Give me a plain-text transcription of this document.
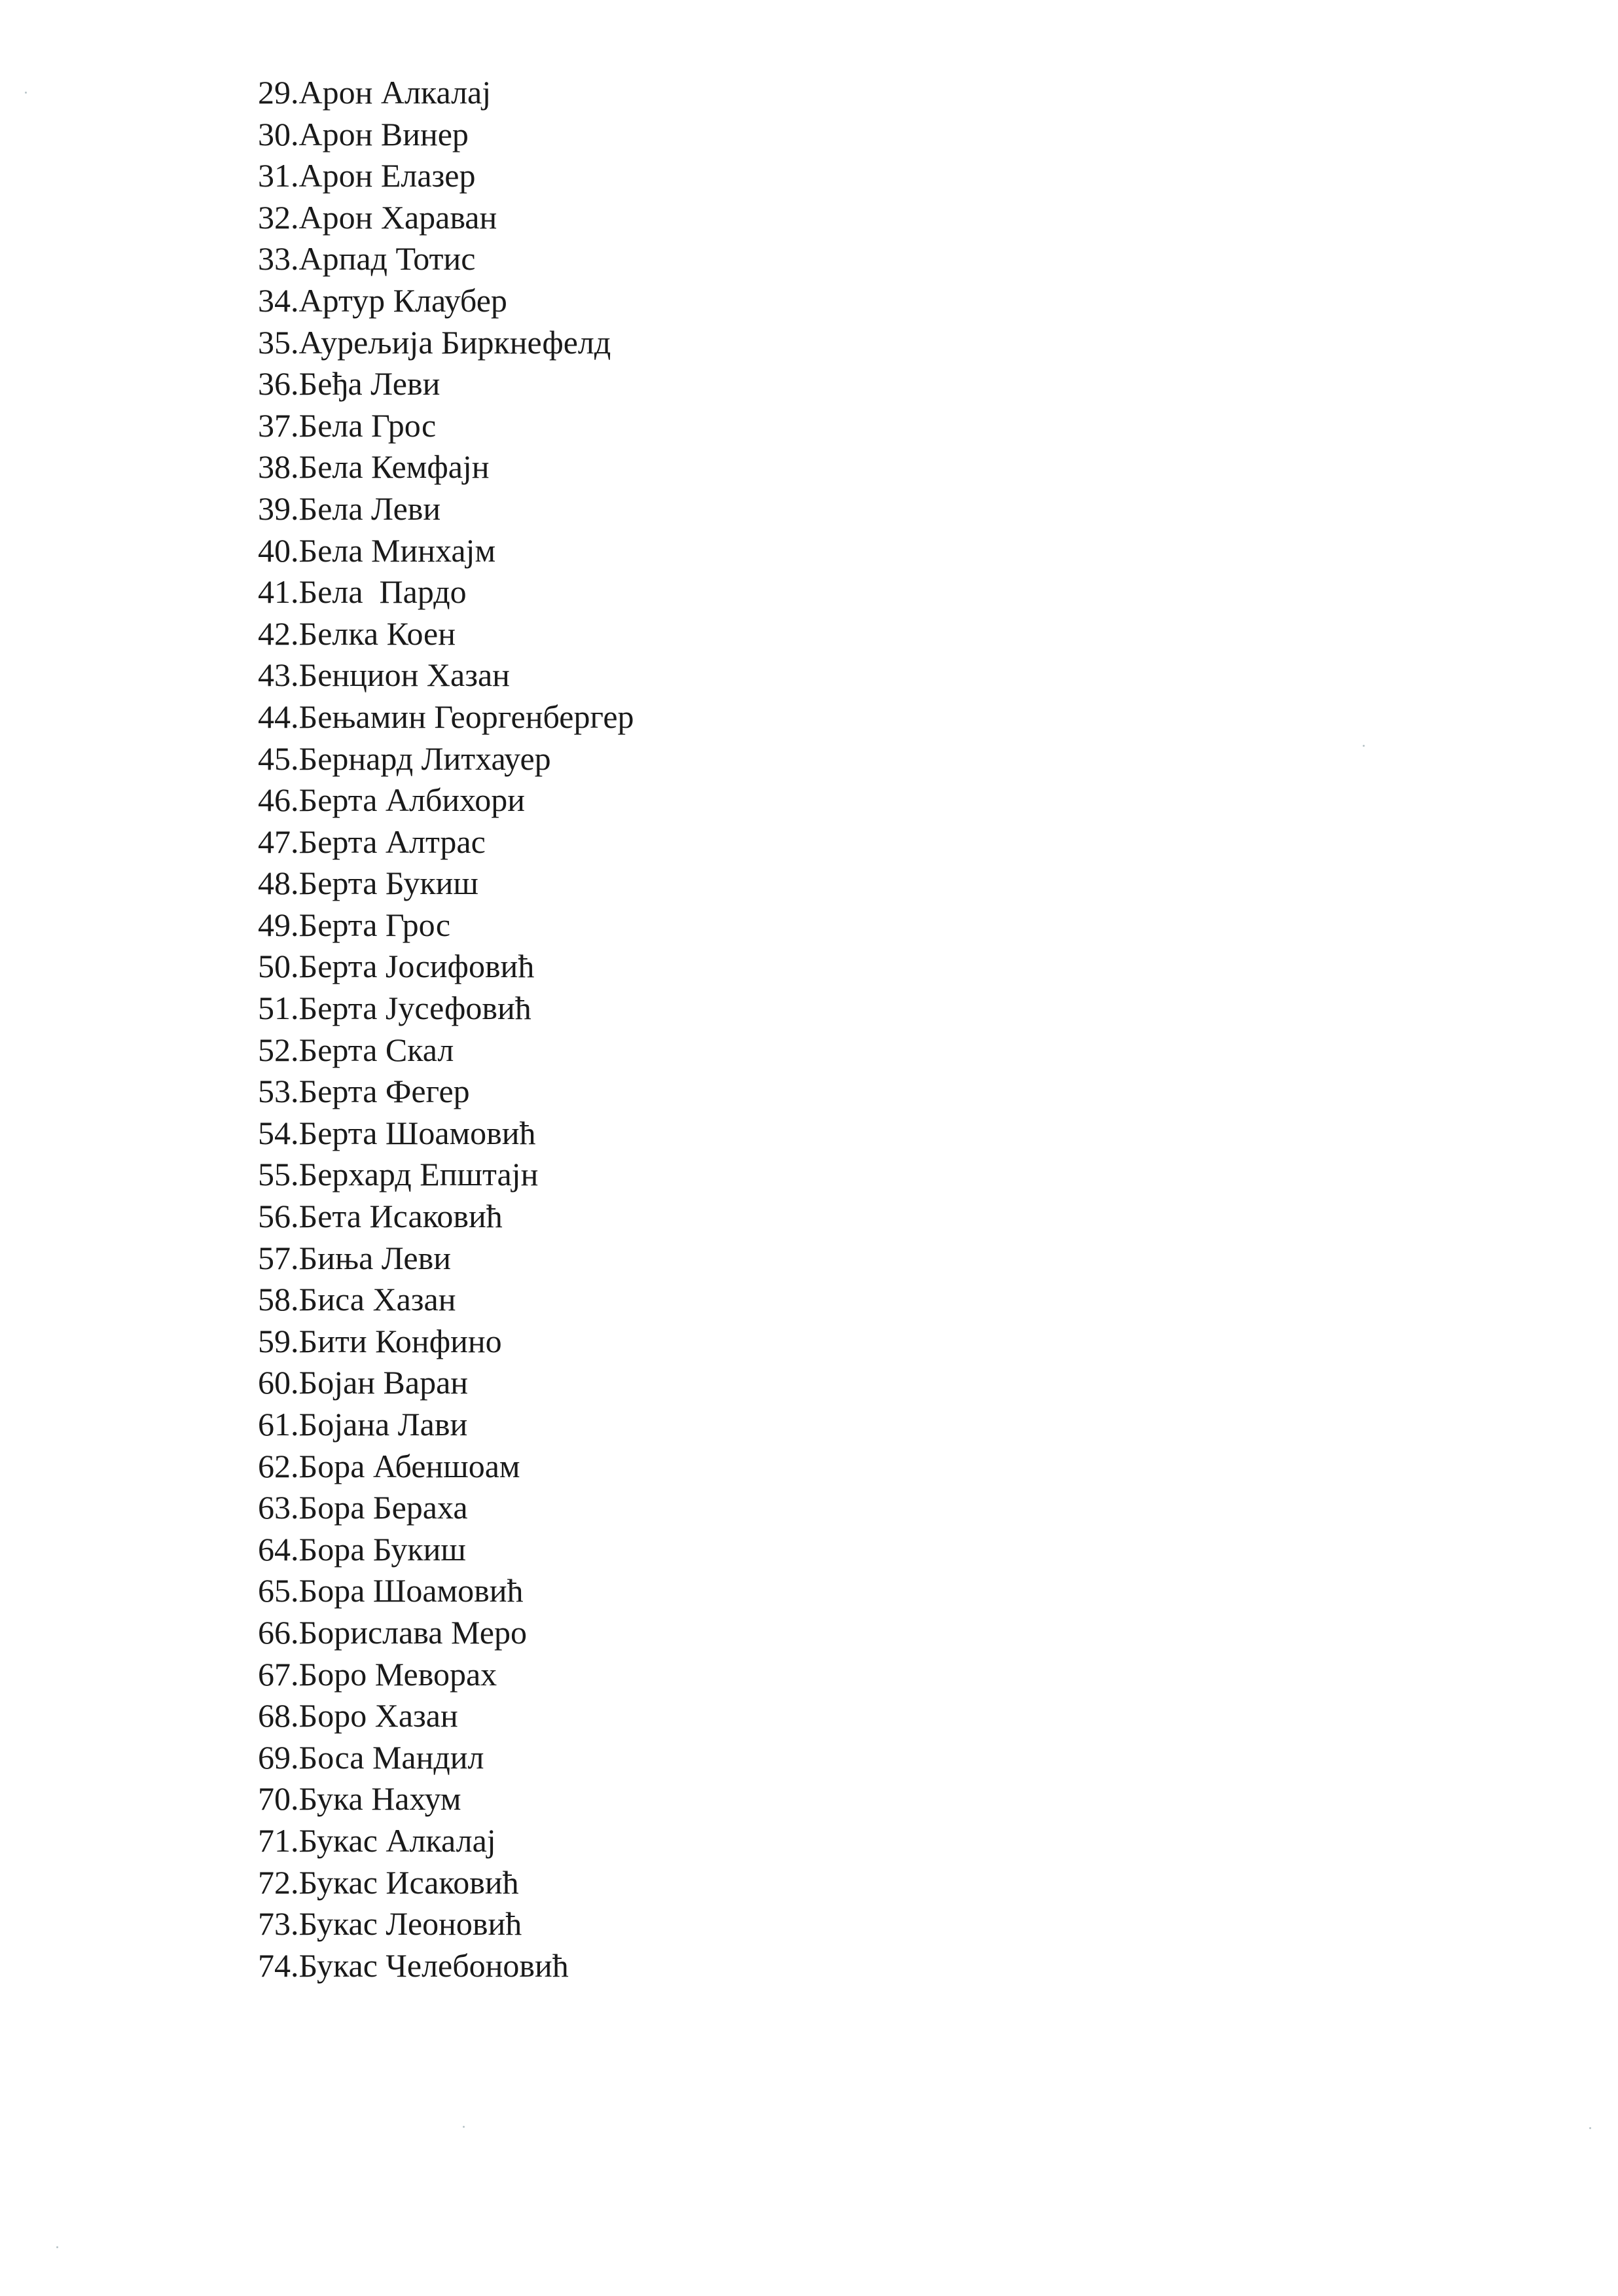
29.Арон Алкалај
30.Арон Винер
31.Арон Елазер
32.Арон Хараван
33.Арпад Тотис
34.Артур Клаубер
35.Аурељија Биркнефелд
36.Беђа Леви
37.Бела Грос
38.Бела Кемфајн
39.Бела Леви
40.Бела Минхајм
41.Бела  Пардо
42.Белка Коен
43.Бенцион Хазан
44.Бењамин Георгенбергер
45.Бернард Литхауер
46.Берта Албихори
47.Берта Алтрас
48.Берта Букиш
49.Берта Грос
50.Берта Јосифовић
51.Берта Јусефовић
52.Берта Скал
53.Берта Фегер
54.Берта Шоамовић
55.Берхард Епштајн
56.Бета Исаковић
57.Бињa Леви
58.Биса Хазан
59.Бити Конфино
60.Бојан Варан
61.Бојана Лави
62.Бора Абеншоам
63.Бора Бераха
64.Бора Букиш
65.Бора Шоамовић
66.Борислава Меро
67.Боро Меворах
68.Боро Хазан
69.Боса Мандил
70.Бука Нахум
71.Букас Алкалај
72.Букас Исаковић
73.Букас Леоновић
74.Букас Челебоновић
